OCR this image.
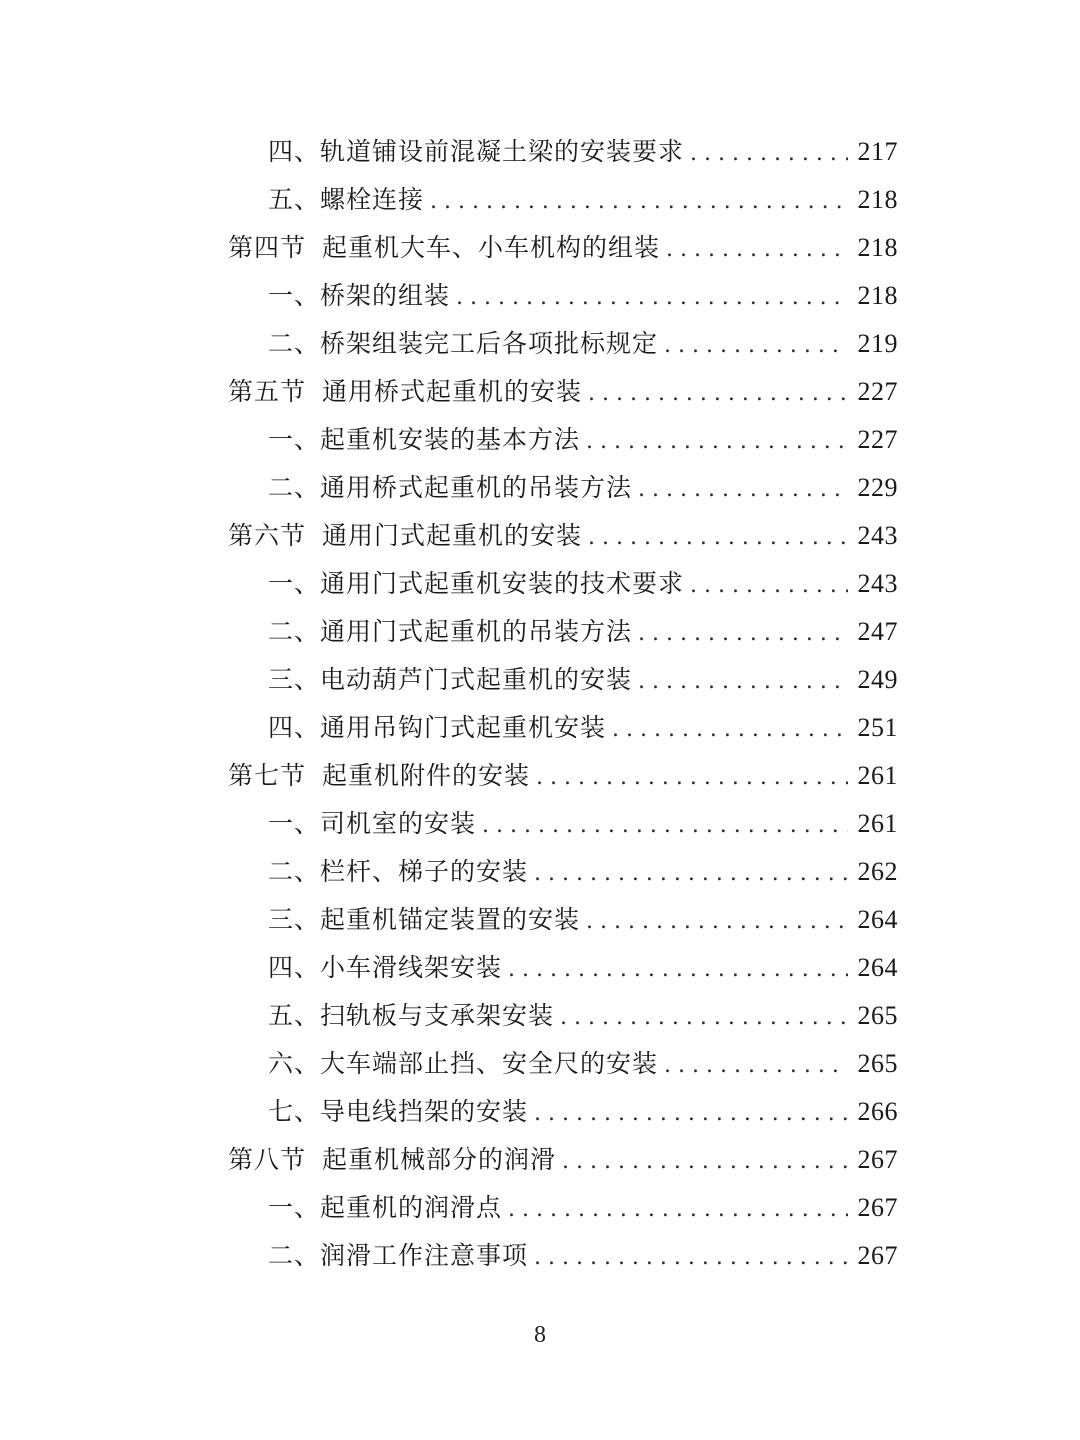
四、轨道铺设前混凝土梁的安装要求 . . .	217
五、螺栓连接 . . .	218
第四节 起重机大车、小车机构的组装 . . .	218
一、桥架的组装 . . .	218
二、桥架组装完工后各项批标规定 . . .	219
第五节 通用桥式起重机的安装 . . .	227
一、起重机安装的基本方法 . . .	227
二、通用桥式起重机的吊装方法 . . .	229
第六节 通用门式起重机的安装 . . .	243
一、通用门式起重机安装的技术要求 . . .	243
二、通用门式起重机的吊装方法 . . .	247
三、电动葫芦门式起重机的安装 . . .	249
四、通用吊钩门式起重机安装 . . .	251
第七节 起重机附件的安装 . . .	261
一、司机室的安装 . . .	261
二、栏杆、梯子的安装 . . .	262
三、起重机锚定装置的安装 . . .	264
四、小车滑线架安装 . . .	264
五、扫轨板与支承架安装 . . .	265
六、大车端部止挡、安全尺的安装 . . .	265
七、导电线挡架的安装 . . .	266
第八节 起重机械部分的润滑 . . .	267
一、起重机的润滑点 . . .	267
二、润滑工作注意事项 . . .	267
8
